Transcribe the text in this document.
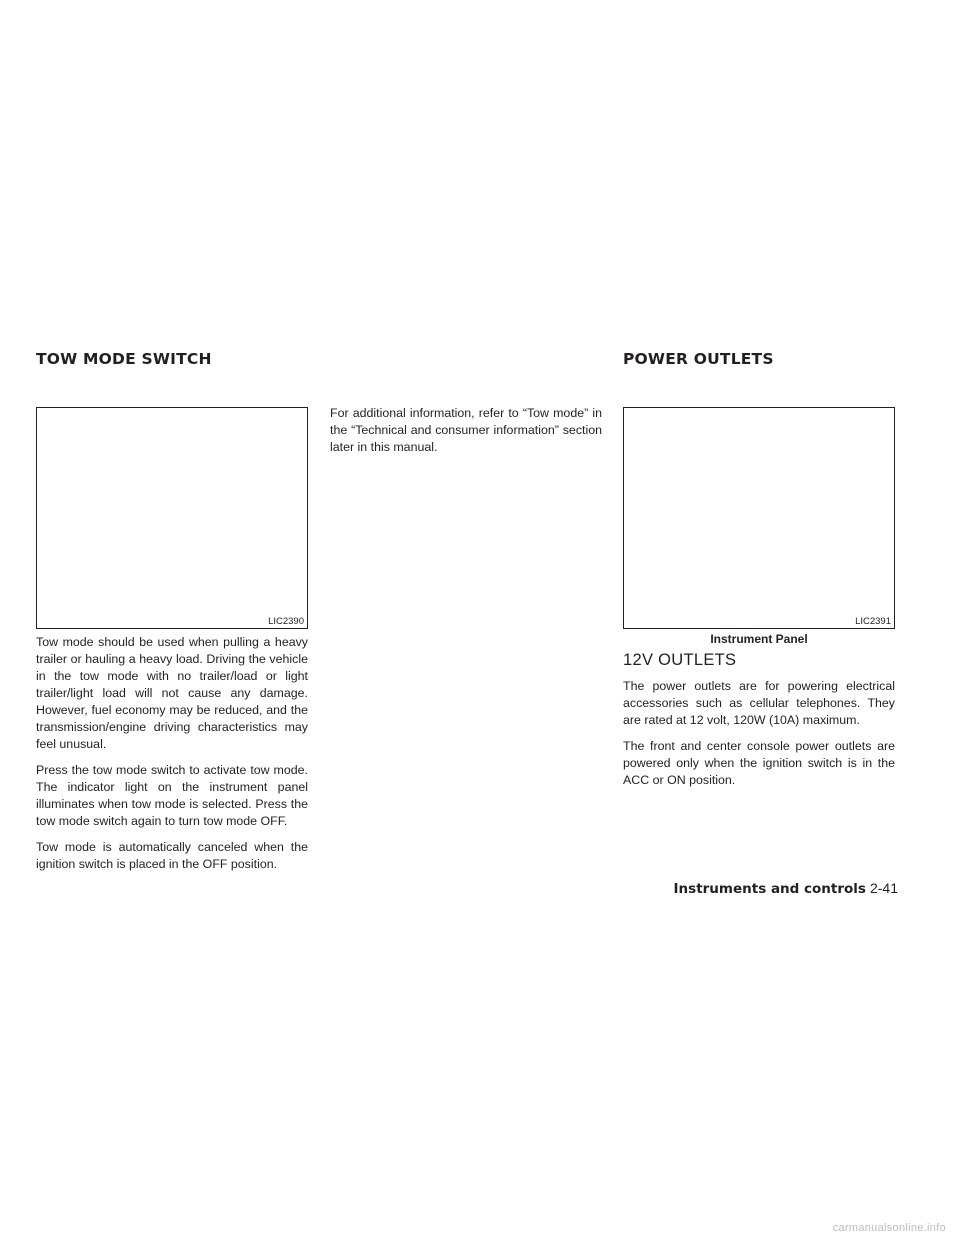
TOW MODE SWITCH	POWER OUTLETS
LIC2390

Tow mode should be used when pulling a heavy trailer or hauling a heavy load. Driving the vehicle in the tow mode with no trailer/load or light trailer/light load will not cause any damage. However, fuel economy may be reduced, and the transmission/engine driving characteristics may feel unusual.

Press the tow mode switch to activate tow mode. The indicator light on the instrument panel illuminates when tow mode is selected. Press the tow mode switch again to turn tow mode OFF.

Tow mode is automatically canceled when the ignition switch is placed in the OFF position.

For additional information, refer to “Tow mode” in the “Technical and consumer information” section later in this manual.

LIC2391
Instrument Panel
12V OUTLETS

The power outlets are for powering electrical accessories such as cellular telephones. They are rated at 12 volt, 120W (10A) maximum.

The front and center console power outlets are powered only when the ignition switch is in the ACC or ON position.

Instruments and controls 2-41
carmanualsonline.info
